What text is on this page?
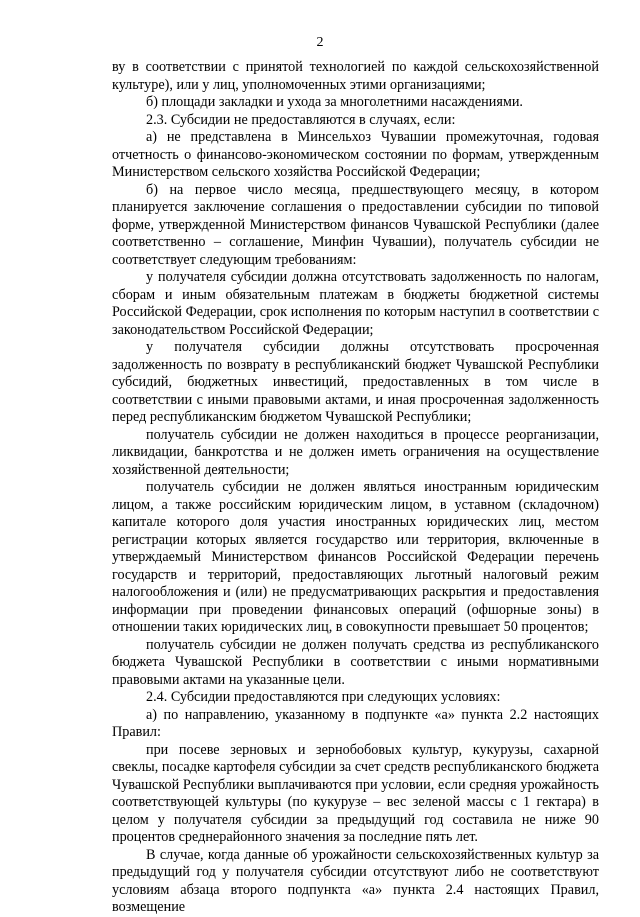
2

ву в соответствии с принятой технологией по каждой сельскохозяйственной культуре), или у лиц, уполномоченных этими организациями;

б) площади закладки и ухода за многолетними насаждениями.

2.3. Субсидии не предоставляются в случаях, если:

а) не представлена в Минсельхоз Чувашии промежуточная, годовая отчетность о финансово-экономическом состоянии по формам, утвержденным Министерством сельского хозяйства Российской Федерации;

б) на первое число месяца, предшествующего месяцу, в котором планируется заключение соглашения о предоставлении субсидии по типовой форме, утвержденной Министерством финансов Чувашской Республики (далее соответственно – соглашение, Минфин Чувашии), получатель субсидии не соответствует следующим требованиям:

у получателя субсидии должна отсутствовать задолженность по налогам, сборам и иным обязательным платежам в бюджеты бюджетной системы Российской Федерации, срок исполнения по которым наступил в соответствии с законодательством Российской Федерации;

у получателя субсидии должны отсутствовать просроченная задолженность по возврату в республиканский бюджет Чувашской Республики субсидий, бюджетных инвестиций, предоставленных в том числе в соответствии с иными правовыми актами, и иная просроченная задолженность перед республиканским бюджетом Чувашской Республики;

получатель субсидии не должен находиться в процессе реорганизации, ликвидации, банкротства и не должен иметь ограничения на осуществление хозяйственной деятельности;

получатель субсидии не должен являться иностранным юридическим лицом, а также российским юридическим лицом, в уставном (складочном) капитале которого доля участия иностранных юридических лиц, местом регистрации которых является государство или территория, включенные в утверждаемый Министерством финансов Российской Федерации перечень государств и территорий, предоставляющих льготный налоговый режим налогообложения и (или) не предусматривающих раскрытия и предоставления информации при проведении финансовых операций (офшорные зоны) в отношении таких юридических лиц, в совокупности превышает 50 процентов;

получатель субсидии не должен получать средства из республиканского бюджета Чувашской Республики в соответствии с иными нормативными правовыми актами на указанные цели.

2.4. Субсидии предоставляются при следующих условиях:

а) по направлению, указанному в подпункте «а» пункта 2.2 настоящих Правил:

при посеве зерновых и зернобобовых культур, кукурузы, сахарной свеклы, посадке картофеля субсидии за счет средств республиканского бюджета Чувашской Республики выплачиваются при условии, если средняя урожайность соответствующей культуры (по кукурузе – вес зеленой массы с 1 гектара) в целом у получателя субсидии за предыдущий год составила не ниже 90 процентов среднерайонного значения за последние пять лет.

В случае, когда данные об урожайности сельскохозяйственных культур за предыдущий год у получателя субсидии отсутствуют либо не соответствуют условиям абзаца второго подпункта «а» пункта 2.4 настоящих Правил, возмещение
